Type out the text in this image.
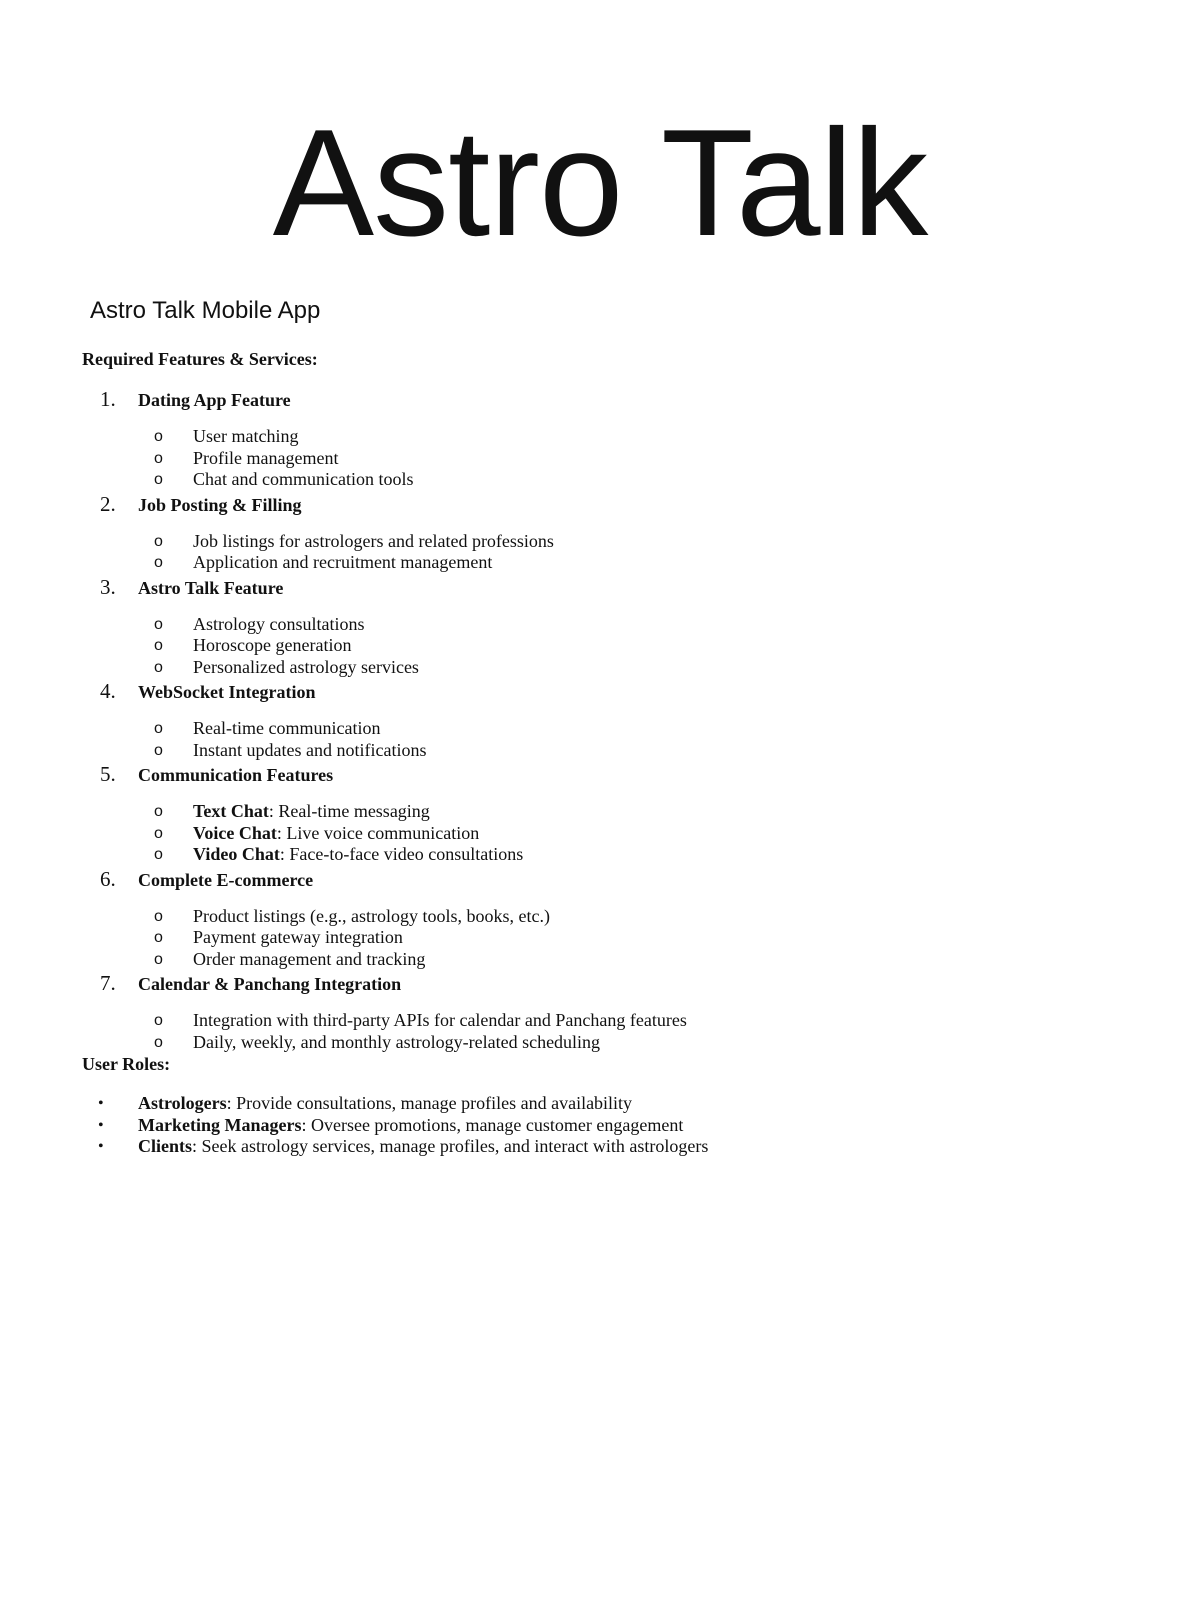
Astro Talk

Astro Talk Mobile App

Required Features & Services:

1. Dating App Feature
o User matching
o Profile management
o Chat and communication tools
2. Job Posting & Filling
o Job listings for astrologers and related professions
o Application and recruitment management
3. Astro Talk Feature
o Astrology consultations
o Horoscope generation
o Personalized astrology services
4. WebSocket Integration
o Real-time communication
o Instant updates and notifications
5. Communication Features
o Text Chat: Real-time messaging
o Voice Chat: Live voice communication
o Video Chat: Face-to-face video consultations
6. Complete E-commerce
o Product listings (e.g., astrology tools, books, etc.)
o Payment gateway integration
o Order management and tracking
7. Calendar & Panchang Integration
o Integration with third-party APIs for calendar and Panchang features
o Daily, weekly, and monthly astrology-related scheduling
User Roles:
• Astrologers: Provide consultations, manage profiles and availability
• Marketing Managers: Oversee promotions, manage customer engagement
• Clients: Seek astrology services, manage profiles, and interact with astrologers
